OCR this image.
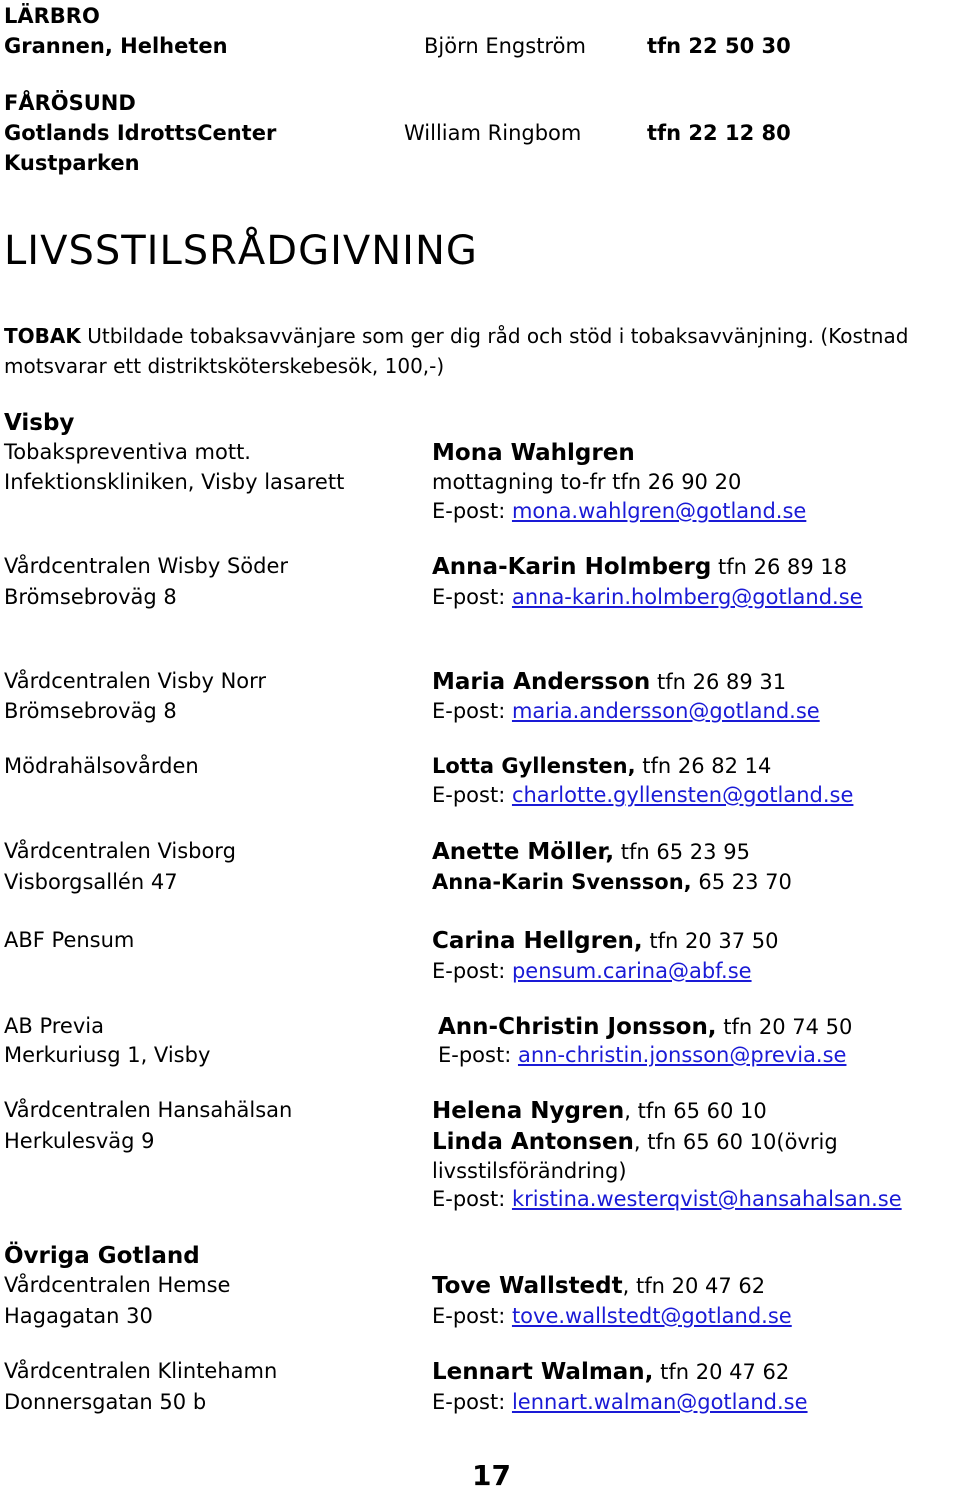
LÄRBRO
Grannen, Helheten	Björn Engström	tfn 22 50 30
FÅRÖSUND
Gotlands IdrottsCenter	William Ringbom	tfn 22 12 80
Kustparken
LIVSSTILSRÅDGIVNING
TOBAK Utbildade tobaksavvänjare som ger dig råd och stöd i tobaksavvänjning. (Kostnad
motsvarar ett distriktsköterskebesök, 100,-)
Visby
Tobakspreventiva mott.	Mona Wahlgren
Infektionskliniken, Visby lasarett	mottagning to-fr tfn 26 90 20
E-post: mona.wahlgren@gotland.se
Vårdcentralen Wisby Söder	Anna-Karin Holmberg tfn 26 89 18
Brömsebroväg 8	E-post: anna-karin.holmberg@gotland.se
Vårdcentralen Visby Norr	Maria Andersson tfn 26 89 31
Brömsebroväg 8	E-post: maria.andersson@gotland.se
Mödrahälsovården	Lotta Gyllensten, tfn 26 82 14
E-post: charlotte.gyllensten@gotland.se
Vårdcentralen Visborg	Anette Möller, tfn 65 23 95
Visborgsallén 47	Anna-Karin Svensson, 65 23 70
ABF Pensum	Carina Hellgren, tfn 20 37 50
E-post: pensum.carina@abf.se
AB Previa	Ann-Christin Jonsson, tfn 20 74 50
Merkuriusg 1, Visby	E-post: ann-christin.jonsson@previa.se
Vårdcentralen Hansahälsan	Helena Nygren, tfn 65 60 10
Herkulesväg 9	Linda Antonsen, tfn 65 60 10(övrig
livsstilsförändring)
E-post: kristina.westerqvist@hansahalsan.se
Övriga Gotland
Vårdcentralen Hemse	Tove Wallstedt, tfn 20 47 62
Hagagatan 30	E-post: tove.wallstedt@gotland.se
Vårdcentralen Klintehamn	Lennart Walman, tfn 20 47 62
Donnersgatan 50 b	E-post: lennart.walman@gotland.se
17
